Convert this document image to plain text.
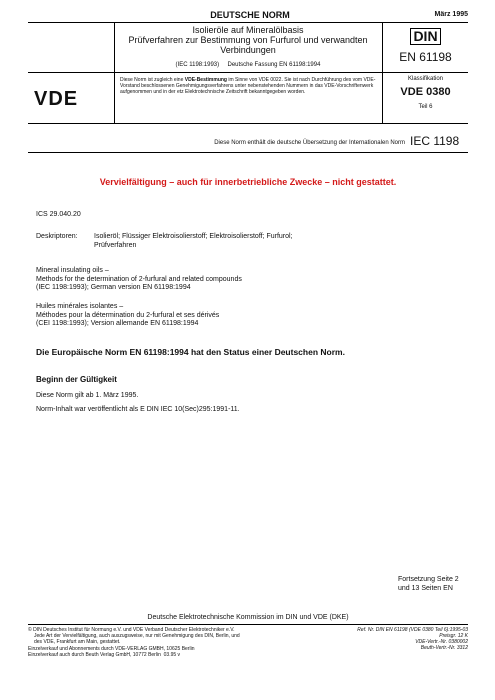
DEUTSCHE NORM	März 1995
Isolieröle auf Mineralölbasis
Prüfverfahren zur Bestimmung von Furfurol und verwandten Verbindungen
(IEC 1198:1993) Deutsche Fassung EN 61198:1994
DIN
EN 61198
VDE
Diese Norm ist zugleich eine VDE-Bestimmung im Sinne von VDE 0022. Sie ist nach Durchführung des vom VDE-Vorstand beschlossenen Genehmigungsverfahrens unter nebenstehenden Nummern in das VDE-Vorschriftenwerk aufgenommen und in der etz Elektrotechnische Zeitschrift bekanntgegeben worden.
Klassifikation
VDE 0380
Teil 6
Diese Norm enthält die deutsche Übersetzung der Internationalen Norm IEC 1198
Vervielfältigung – auch für innerbetriebliche Zwecke – nicht gestattet.
ICS 29.040.20
Deskriptoren: Isolieröl; Flüssiger Elektroisolierstoff; Elektroisolierstoff; Furfurol;
Prüfverfahren
Mineral insulating oils –
Methods for the determination of 2-furfural and related compounds
(IEC 1198:1993); German version EN 61198:1994
Huiles minérales isolantes –
Méthodes pour la détermination du 2-furfural et ses dérivés
(CEI 1198:1993); Version allemande EN 61198:1994
Die Europäische Norm EN 61198:1994 hat den Status einer Deutschen Norm.
Beginn der Gültigkeit
Diese Norm gilt ab 1. März 1995.
Norm-Inhalt war veröffentlicht als E DIN IEC 10(Sec)295:1991-11.
Fortsetzung Seite 2
und 13 Seiten EN
Deutsche Elektrotechnische Kommission im DIN und VDE (DKE)
© DIN Deutsches Institut für Normung e.V. und VDE Verband Deutscher Elektrotechniker e.V.
Jede Art der Vervielfältigung, auch auszugsweise, nur mit Genehmigung des DIN, Berlin, und
des VDE, Frankfurt am Main, gestattet.
Einzelverkauf und Abonnements durch VDE-VERLAG GMBH, 10625 Berlin
Einzelverkauf auch durch Beuth Verlag GmbH, 10772 Berlin 03.95 v
Ref. Nr. DIN EN 61198 (VDE 0380 Teil 6):1995-03
Preisgr. 12 K
VDE-Vertr.-Nr. 0380002
Beuth-Vertr.-Nr. 3312
